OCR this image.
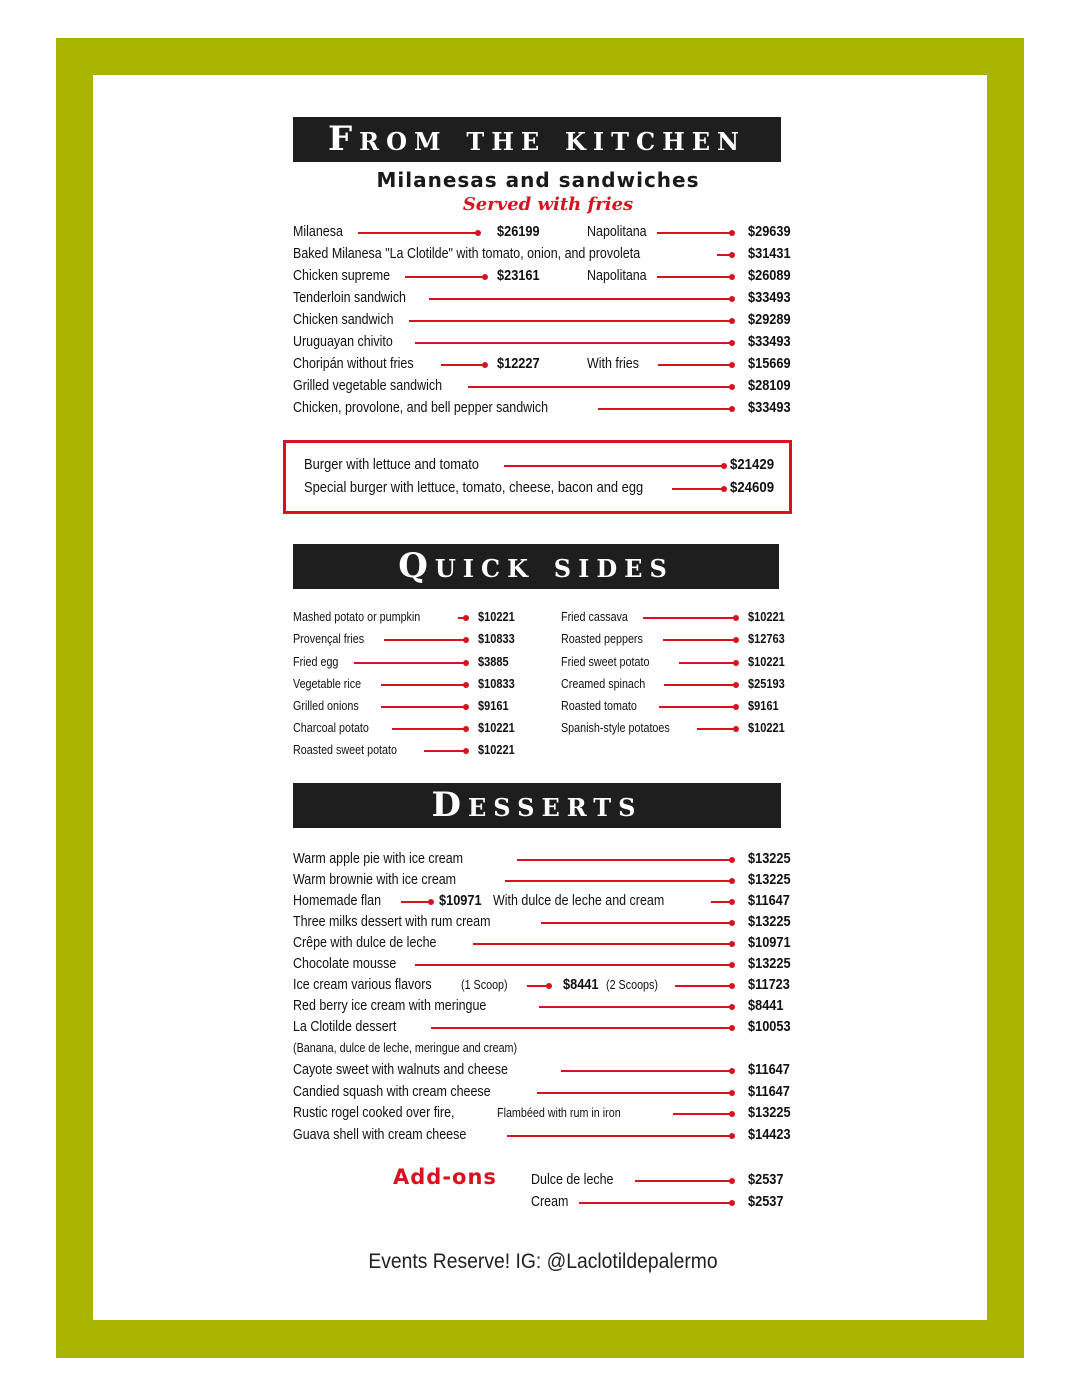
From the kitchen
Milanesas and sandwiches
Served with fries
Milanesa	$26199	Napolitana	$29639
Baked Milanesa "La Clotilde" with tomato, onion, and provoleta	$31431
Chicken supreme	$23161	Napolitana	$26089
Tenderloin sandwich	$33493
Chicken sandwich	$29289
Uruguayan chivito	$33493
Choripán without fries	$12227	With fries	$15669
Grilled vegetable sandwich	$28109
Chicken, provolone, and bell pepper sandwich	$33493
Burger with lettuce and tomato	$21429
Special burger with lettuce, tomato, cheese, bacon and egg	$24609
Quick sides
Mashed potato or pumpkin	$10221
Provençal fries	$10833
Fried egg	$3885
Vegetable rice	$10833
Grilled onions	$9161
Charcoal potato	$10221
Roasted sweet potato	$10221
Fried cassava	$10221
Roasted peppers	$12763
Fried sweet potato	$10221
Creamed spinach	$25193
Roasted tomato	$9161
Spanish-style potatoes	$10221
Desserts
Warm apple pie with ice cream	$13225
Warm brownie with ice cream	$13225
Homemade flan	$10971 With dulce de leche and cream	$11647
Three milks dessert with rum cream	$13225
Crêpe with dulce de leche	$10971
Chocolate mousse	$13225
Ice cream various flavors (1 Scoop)	$8441 (2 Scoops)	$11723
Red berry ice cream with meringue	$8441
La Clotilde dessert	$10053
(Banana, dulce de leche, meringue and cream)
Cayote sweet with walnuts and cheese	$11647
Candied squash with cream cheese	$11647
Rustic rogel cooked over fire,	Flambéed with rum in iron	$13225
Guava shell with cream cheese	$14423
Add-ons Dulce de leche	$2537
Cream	$2537
Events Reserve! IG: @Laclotildepalermo
